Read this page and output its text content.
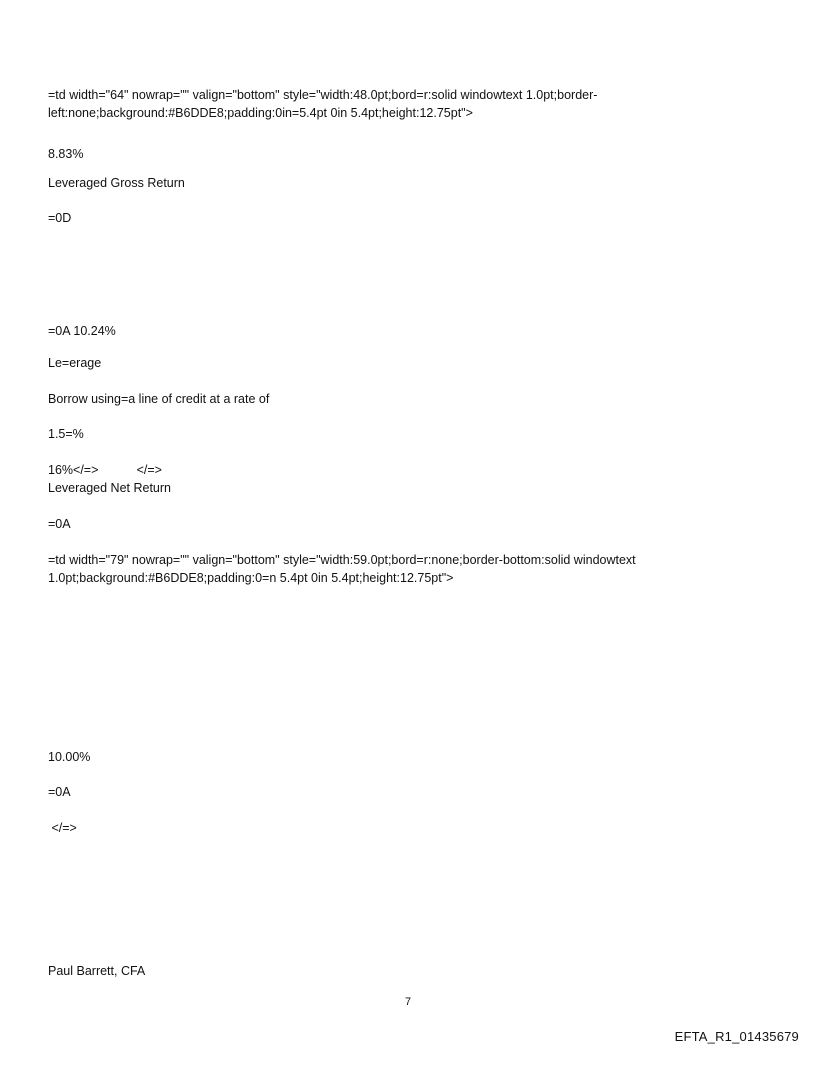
=td width="64" nowrap="" valign="bottom" style="width:48.0pt;bord=r:solid windowtext 1.0pt;border-left:none;background:#B6DDE8;padding:0in=5.4pt 0in 5.4pt;height:12.75pt">

8.83%

Leveraged Gross Return

=0D

=0A 10.24%

Le=erage

Borrow using=a line of credit at a rate of

1.5=%

16%</=>           </=>

Leveraged Net Return

=0A

=td width="79" nowrap="" valign="bottom" style="width:59.0pt;bord=r:none;border-bottom:solid windowtext 1.0pt;background:#B6DDE8;padding:0=n 5.4pt 0in 5.4pt;height:12.75pt">

10.00%

=0A

</=>

Paul Barrett, CFA

7
EFTA_R1_01435679
